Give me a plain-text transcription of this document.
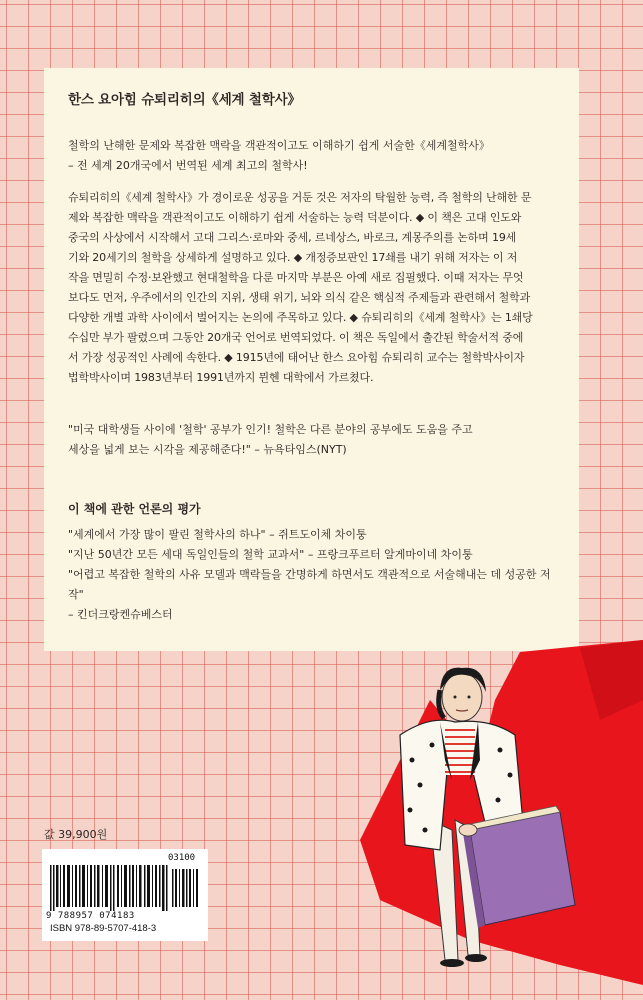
한스 요아힘 슈퇴리히의《세계 철학사》

철학의 난해한 문제와 복잡한 맥락을 객관적이고도 이해하기 쉽게 서술한《세계철학사》

– 전 세계 20개국에서 번역된 세계 최고의 철학사!

슈퇴리히의《세계 철학사》가 경이로운 성공을 거둔 것은 저자의 탁월한 능력, 즉 철학의 난해한 문
제와 복잡한 맥락을 객관적이고도 이해하기 쉽게 서술하는 능력 덕분이다. ◆ 이 책은 고대 인도와
중국의 사상에서 시작해서 고대 그리스·로마와 중세, 르네상스, 바로크, 계몽주의를 논하며 19세
기와 20세기의 철학을 상세하게 설명하고 있다. ◆ 개정증보판인 17쇄를 내기 위해 저자는 이 저
작을 면밀히 수정·보완했고 현대철학을 다룬 마지막 부분은 아예 새로 집필했다. 이때 저자는 무엇
보다도 먼저, 우주에서의 인간의 지위, 생태 위기, 뇌와 의식 같은 핵심적 주제들과 관련해서 철학과
다양한 개별 과학 사이에서 벌어지는 논의에 주목하고 있다. ◆ 슈퇴리히의《세계 철학사》는 1쇄당
수십만 부가 팔렸으며 그동안 20개국 언어로 번역되었다. 이 책은 독일에서 출간된 학술서적 중에
서 가장 성공적인 사례에 속한다. ◆ 1915년에 태어난 한스 요아힘 슈퇴리히 교수는 철학박사이자
법학박사이며 1983년부터 1991년까지 뮌헨 대학에서 가르쳤다.
"미국 대학생들 사이에 '철학' 공부가 인기! 철학은 다른 분야의 공부에도 도움을 주고
세상을 넓게 보는 시각을 제공해준다!" – 뉴욕타임스(NYT)

이 책에 관한 언론의 평가

"세계에서 가장 많이 팔린 철학사의 하나" – 쥐트도이체 차이퉁

"지난 50년간 모든 세대 독일인들의 철학 교과서" – 프랑크푸르터 알게마이네 차이퉁

"어렵고 복잡한 철학의 사유 모델과 맥락들을 간명하게 하면서도 객관적으로 서술해내는 데 성공한 저작"

– 킨더크랑켄슈베스터

값 39,900원
03100
9 788957 074183
ISBN 978-89-5707-418-3
